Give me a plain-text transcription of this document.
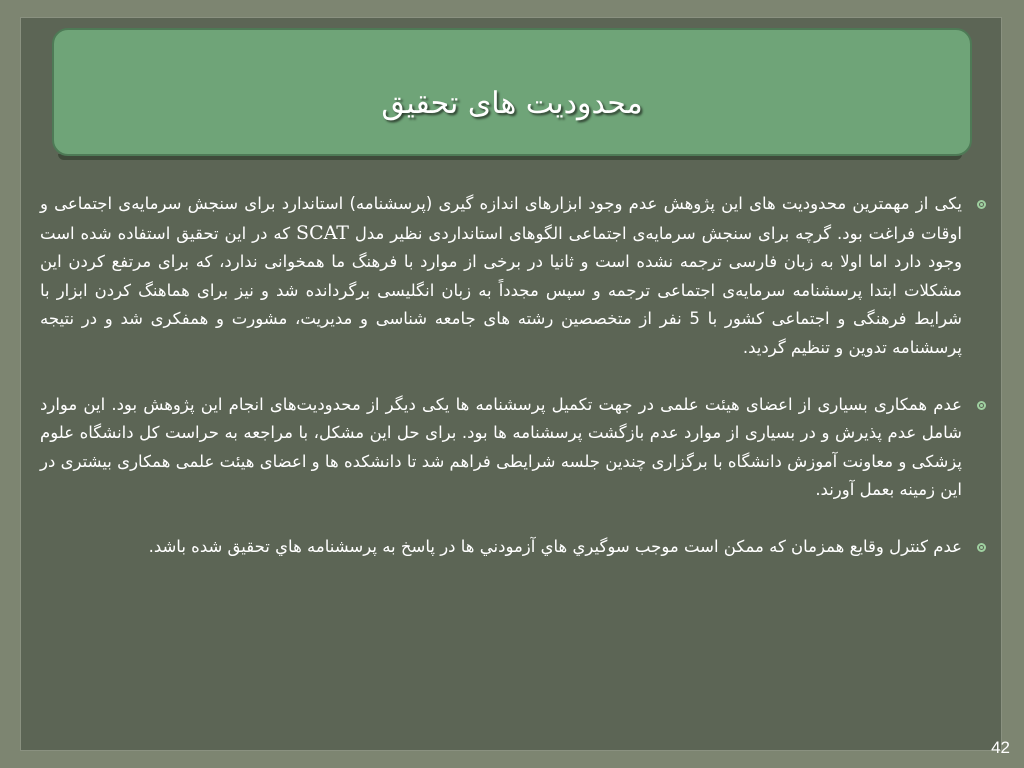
محدودیت های تحقیق
یکی از مهمترین محدودیت های این پژوهش عدم وجود ابزارهای اندازه گیری (پرسشنامه) استاندارد برای سنجش سرمایه‌ی اجتماعی و اوقات فراغت بود. گرچه برای سنجش سرمایه‌ی اجتماعی الگوهای استانداردی نظیر مدل SCAT که در این تحقیق استفاده شده است وجود دارد اما اولا به زبان فارسی ترجمه نشده است و ثانیا در برخی از موارد با فرهنگ ما همخوانی ندارد، که برای مرتفع کردن این مشکلات ابتدا پرسشنامه سرمایه‌ی اجتماعی ترجمه و سپس مجدداً به زبان انگلیسی برگردانده شد و نیز برای هماهنگ کردن ابزار با شرایط فرهنگی و اجتماعی کشور با 5 نفر از متخصصین رشته های جامعه شناسی و مدیریت، مشورت و همفکری شد و در نتیجه پرسشنامه تدوین و تنظیم گردید.
عدم همکاری بسیاری از اعضای هیئت علمی در جهت تکمیل پرسشنامه ها یکی دیگر از محدودیت‌های انجام این پژوهش بود. این موارد شامل عدم پذیرش و در بسیاری از موارد عدم بازگشت پرسشنامه ها بود. برای حل این مشکل، با مراجعه به حراست کل دانشگاه علوم پزشکی و معاونت آموزش دانشگاه با برگزاری چندین جلسه شرایطی فراهم شد تا دانشکده ها و اعضای هیئت علمی همکاری بیشتری در این زمینه بعمل آورند.
عدم کنترل وقايع همزمان که ممکن است موجب سوگيري هاي آزمودني ها در پاسخ به پرسشنامه هاي تحقيق شده باشد.
42
